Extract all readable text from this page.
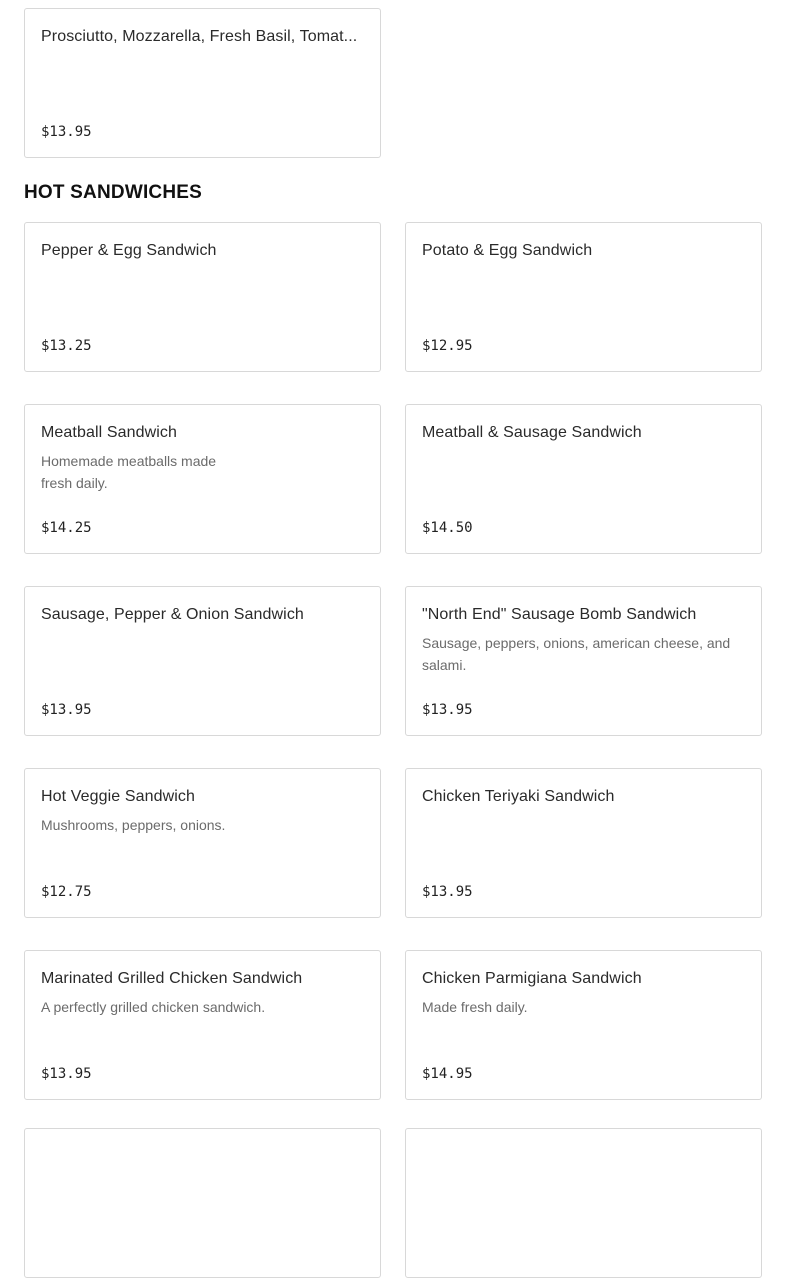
Prosciutto, Mozzarella, Fresh Basil, Tomat...
$13.95
HOT SANDWICHES
Pepper & Egg Sandwich
$13.25
Potato & Egg Sandwich
$12.95
Meatball Sandwich
Homemade meatballs made fresh daily.
$14.25
Meatball & Sausage Sandwich
$14.50
Sausage, Pepper & Onion Sandwich
$13.95
"North End" Sausage Bomb Sandwich
Sausage, peppers, onions, american cheese, and salami.
$13.95
Hot Veggie Sandwich
Mushrooms, peppers, onions.
$12.75
Chicken Teriyaki Sandwich
$13.95
Marinated Grilled Chicken Sandwich
A perfectly grilled chicken sandwich.
$13.95
Chicken Parmigiana Sandwich
Made fresh daily.
$14.95
